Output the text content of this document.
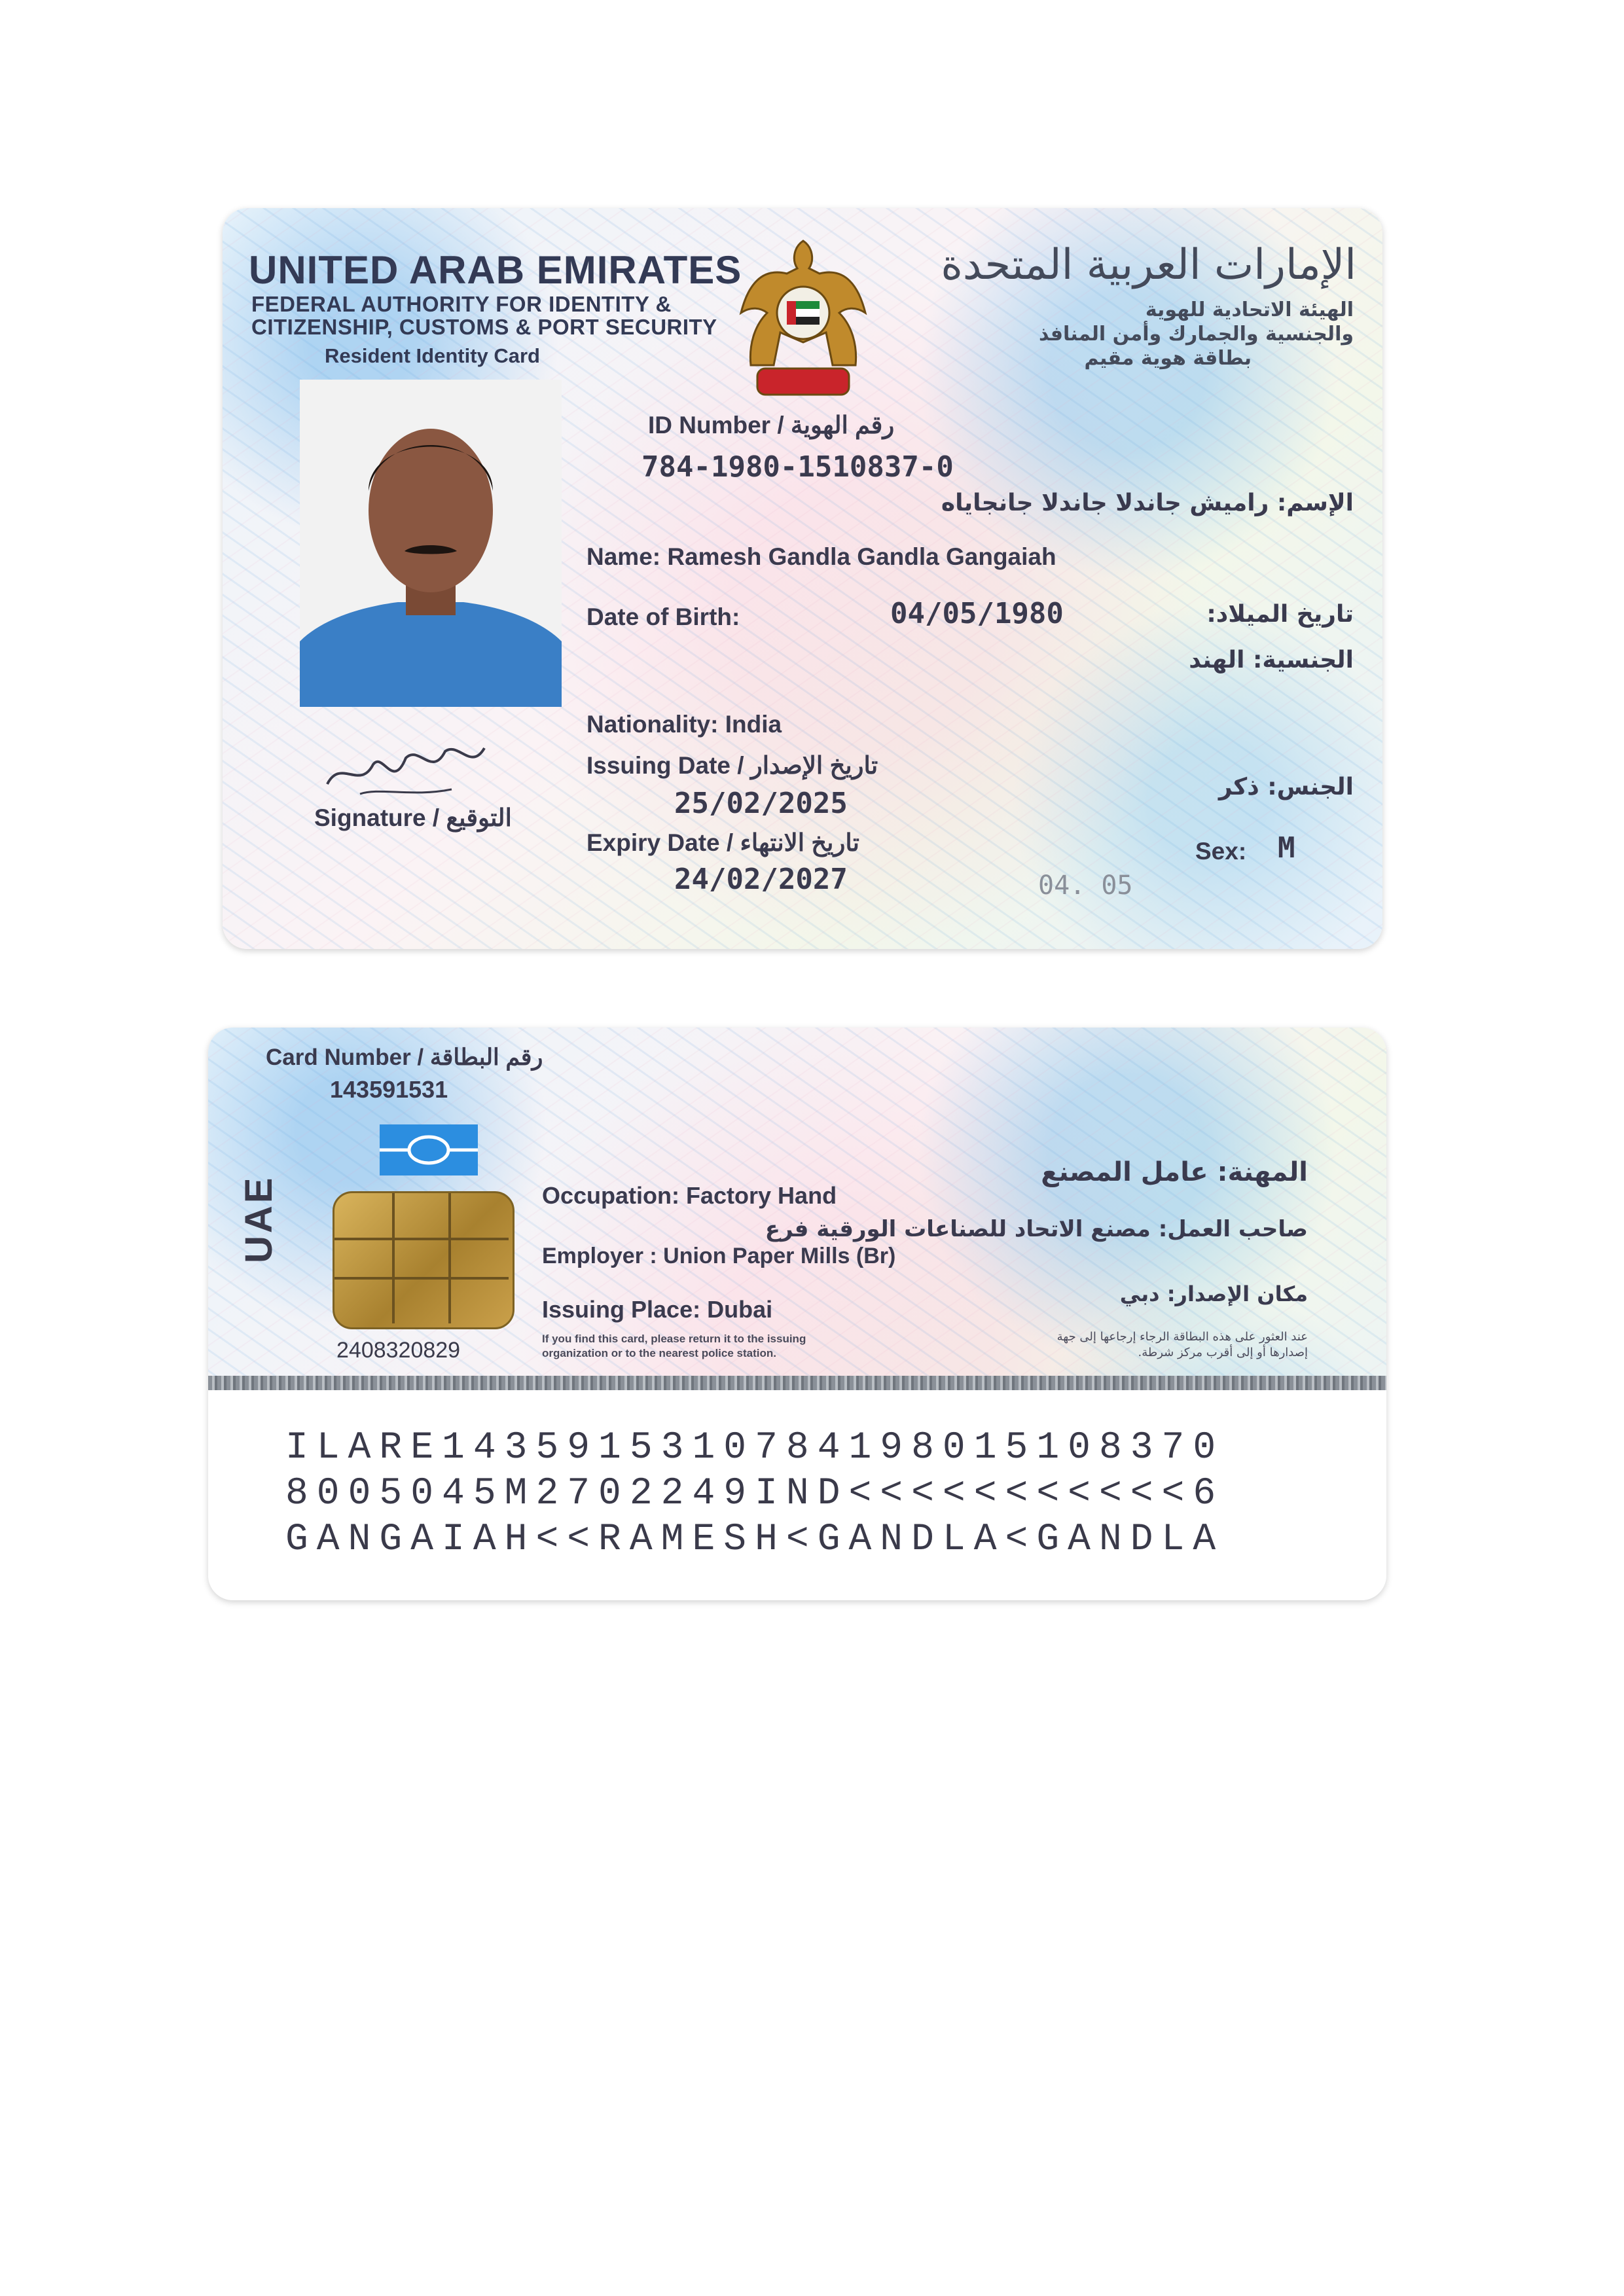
UNITED ARAB EMIRATES
FEDERAL AUTHORITY FOR IDENTITY &
CITIZENSHIP, CUSTOMS & PORT SECURITY
Resident Identity Card
الإمارات العربية المتحدة
الهيئة الاتحادية للهوية
والجنسية والجمارك وأمن المنافذ
بطاقة هوية مقيم
Signature / التوقيع
ID Number / رقم الهوية
784-1980-1510837-0
الإسم: راميش جاندلا جاندلا جانجاياه
Name: Ramesh Gandla Gandla Gangaiah
Date of Birth:	04/05/1980	تاريخ الميلاد:
الجنسية: الهند
Nationality: India
Issuing Date / تاريخ الإصدار
25/02/2025
Expiry Date / تاريخ الانتهاء
24/02/2027
الجنس: ذكر
Sex: M
04. 05
Card Number / رقم البطاقة
143591531
UAE
2408320829
المهنة: عامل المصنع
Occupation: Factory Hand
صاحب العمل: مصنع الاتحاد للصناعات الورقية فرع
Employer : Union Paper Mills (Br)
مكان الإصدار: دبي
Issuing Place: Dubai
If you find this card, please return it to the issuing
organization or to the nearest police station.
عند العثور على هذه البطاقة الرجاء إرجاعها إلى جهة
إصدارها أو إلى أقرب مركز شرطة.
ILARE1435915310784198015108370
8005045M2702249IND<<<<<<<<<<<6
GANGAIAH<<RAMESH<GANDLA<GANDLA
